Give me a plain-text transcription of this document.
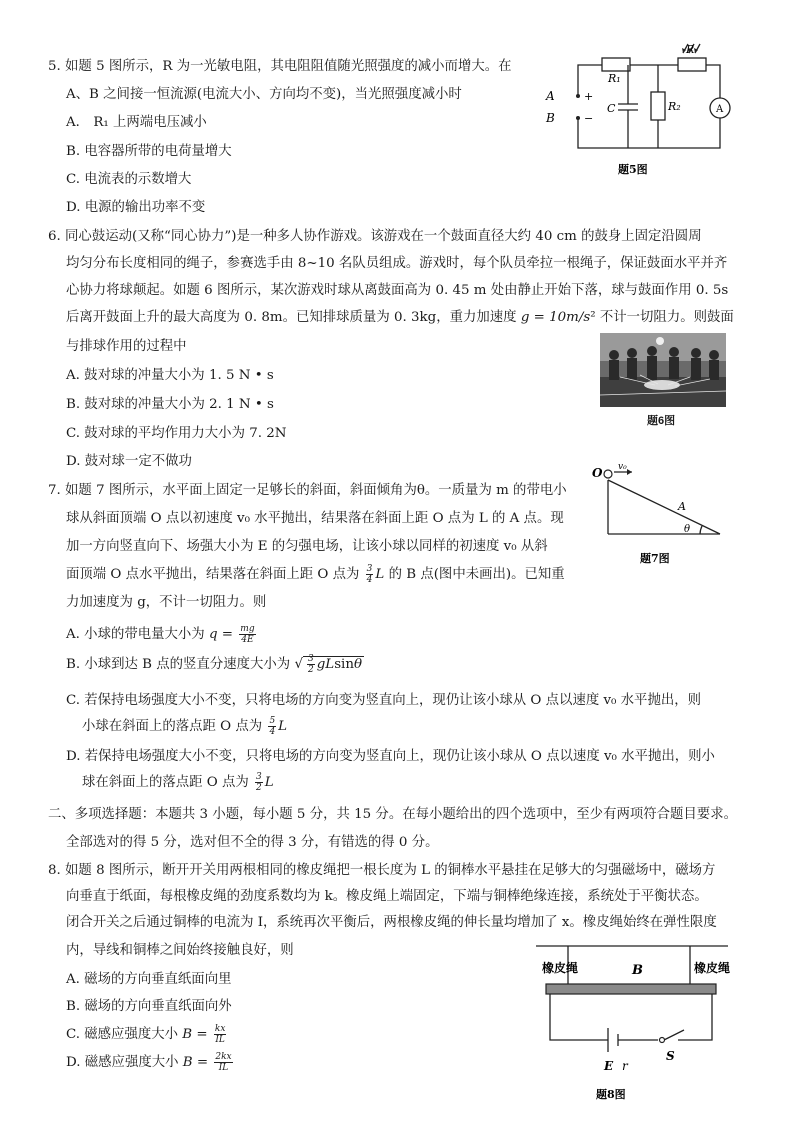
5. 如题 5 图所示，R 为一光敏电阻，其电阻阻值随光照强度的减小而增大。在
A、B 之间接一恒流源(电流大小、方向均不变)，当光照强度减小时
A． R₁ 上两端电压减小
B. 电容器所带的电荷量增大
C. 电流表的示数增大
D. 电源的输出功率不变
R₁
R
C	R₂	A
A
B
+
−
题5图
6. 同心鼓运动(又称“同心协力”)是一种多人协作游戏。该游戏在一个鼓面直径大约 40 cm 的鼓身上固定沿圆周
均匀分布长度相同的绳子，参赛选手由 8~10 名队员组成。游戏时，每个队员牵拉一根绳子，保证鼓面水平并齐
心协力将球颠起。如题 6 图所示，某次游戏时球从离鼓面高为 0. 45 m 处由静止开始下落，球与鼓面作用 0. 5s
后离开鼓面上升的最大高度为 0. 8m。已知排球质量为 0. 3kg，重力加速度 g = 10m/s² 不计一切阻力。则鼓面
与排球作用的过程中
A. 鼓对球的冲量大小为 1. 5 N • s
B. 鼓对球的冲量大小为 2. 1 N • s
C. 鼓对球的平均作用力大小为 7. 2N
D. 鼓对球一定不做功
题6图
7. 如题 7 图所示，水平面上固定一足够长的斜面，斜面倾角为θ。一质量为 m 的带电小
球从斜面顶端 O 点以初速度 v₀ 水平抛出，结果落在斜面上距 O 点为 L 的 A 点。现
加一方向竖直向下、场强大小为 E 的匀强电场，让该小球以同样的初速度 v₀ 从斜
面顶端 O 点水平抛出，结果落在斜面上距 O 点为 $\frac{3}{4}$ L 的 B 点(图中未画出)。已知重
力加速度为 g，不计一切阻力。则
A. 小球的带电量大小为 $q = \frac{mg}{4E}$
B. 小球到达 B 点的竖直分速度大小为 √ $\frac{3}{2}$ gLsinθ
C. 若保持电场强度大小不变，只将电场的方向变为竖直向上，现仍让该小球从 O 点以速度 v₀ 水平抛出，则
小球在斜面上的落点距 O 点为 $\frac{5}{4}$ L
D. 若保持电场强度大小不变，只将电场的方向变为竖直向上，现仍让该小球从 O 点以速度 v₀ 水平抛出，则小
球在斜面上的落点距 O 点为 $\frac{3}{2}$ L
O v₀
A
θ
题7图
二、多项选择题：本题共 3 小题，每小题 5 分，共 15 分。在每小题给出的四个选项中，至少有两项符合题目要求。
全部选对的得 5 分，选对但不全的得 3 分，有错选的得 0 分。
8. 如题 8 图所示，断开开关用两根相同的橡皮绳把一根长度为 L 的铜棒水平悬挂在足够大的匀强磁场中，磁场方
向垂直于纸面，每根橡皮绳的劲度系数均为 k。橡皮绳上端固定，下端与铜棒绝缘连接，系统处于平衡状态。
闭合开关之后通过铜棒的电流为 I，系统再次平衡后，两根橡皮绳的伸长量均增加了 x。橡皮绳始终在弹性限度
内，导线和铜棒之间始终接触良好，则
A. 磁场的方向垂直纸面向里
B. 磁场的方向垂直纸面向外
C. 磁感应强度大小 $B = \frac{kx}{IL}$
D. 磁感应强度大小 $B = \frac{2kx}{IL}$
橡皮绳	橡皮绳
B
S
E r
题8图
